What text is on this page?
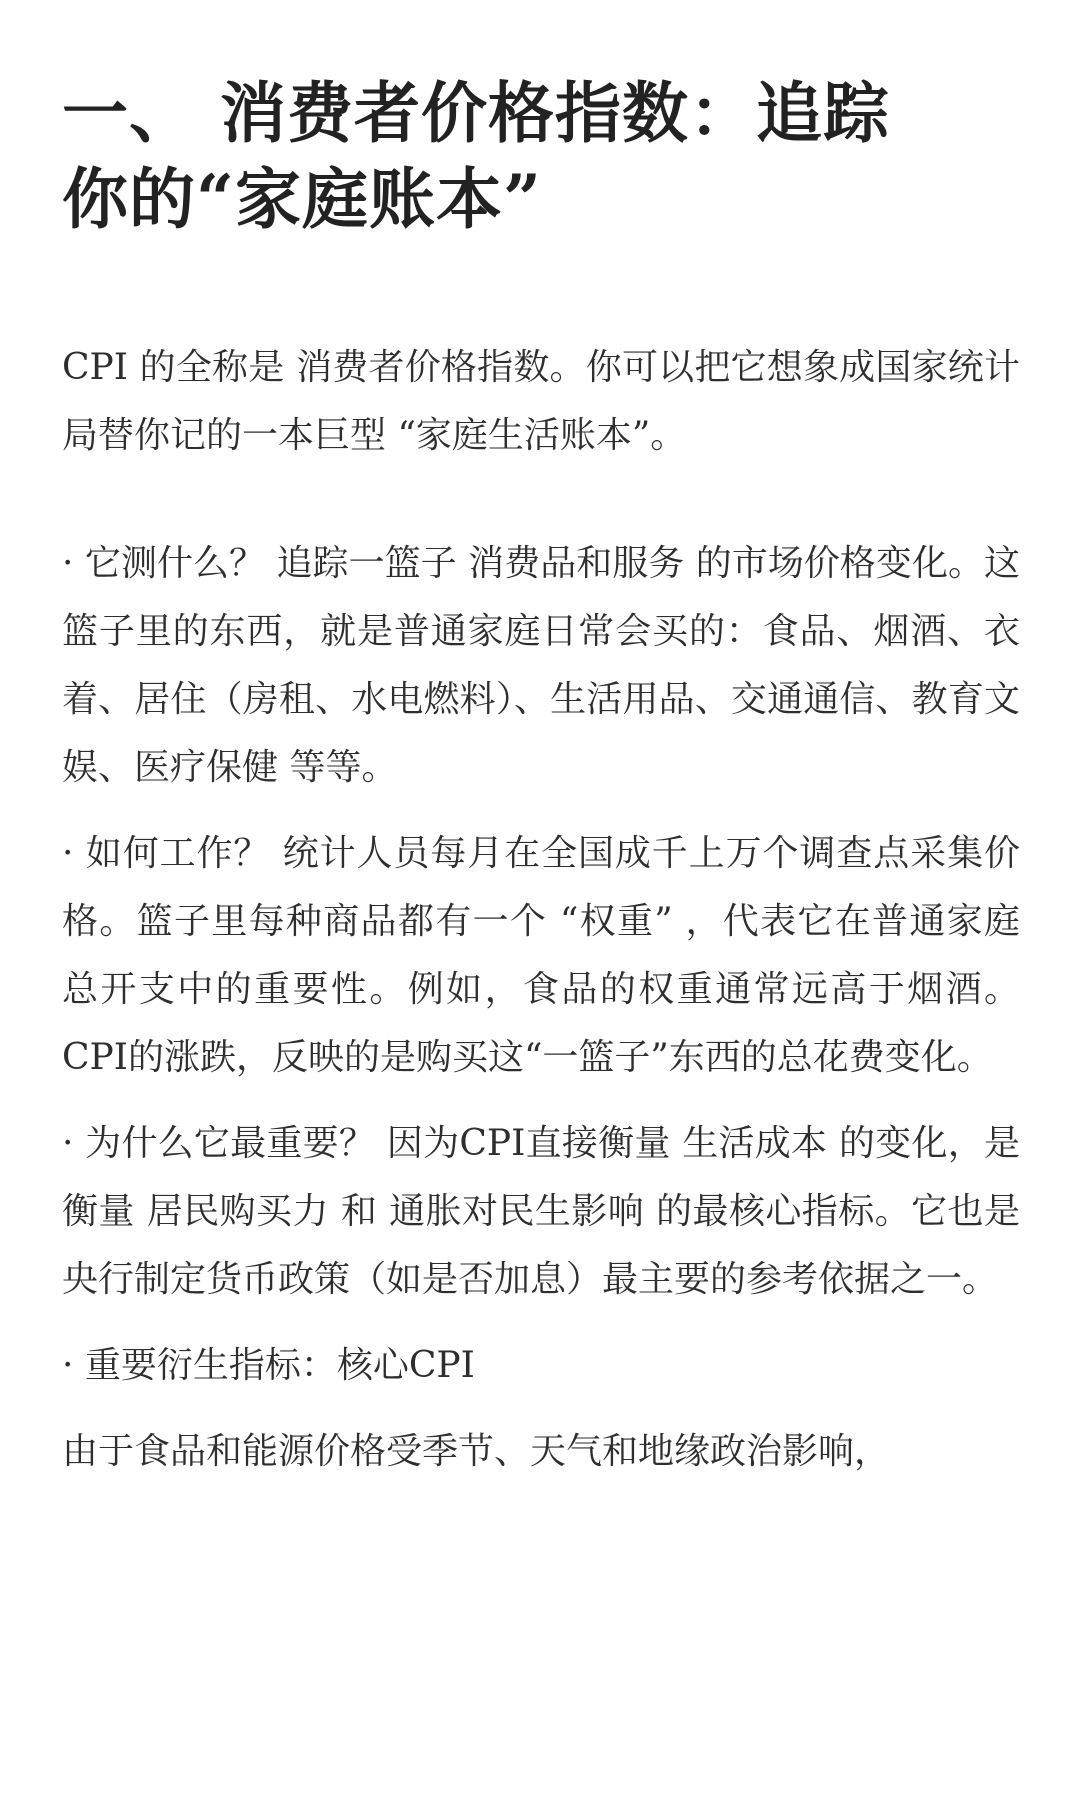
一、 消费者价格指数：追踪
你的“家庭账本”

CPI 的全称是 消费者价格指数。你可以把它想象成国家统计局替你记的一本巨型 “家庭生活账本”。

· 它测什么？ 追踪一篮子 消费品和服务 的市场价格变化。这篮子里的东西，就是普通家庭日常会买的：食品、烟酒、衣着、居住（房租、水电燃料）、生活用品、交通通信、教育文娱、医疗保健 等等。

· 如何工作？ 统计人员每月在全国成千上万个调查点采集价格。篮子里每种商品都有一个 “权重” ，代表它在普通家庭总开支中的重要性。例如，食品的权重通常远高于烟酒。CPI的涨跌，反映的是购买这“一篮子”东西的总花费变化。

· 为什么它最重要？ 因为CPI直接衡量 生活成本 的变化，是衡量 居民购买力 和 通胀对民生影响 的最核心指标。它也是央行制定货币政策（如是否加息）最主要的参考依据之一。

· 重要衍生指标：核心CPI

由于食品和能源价格受季节、天气和地缘政治影响，
